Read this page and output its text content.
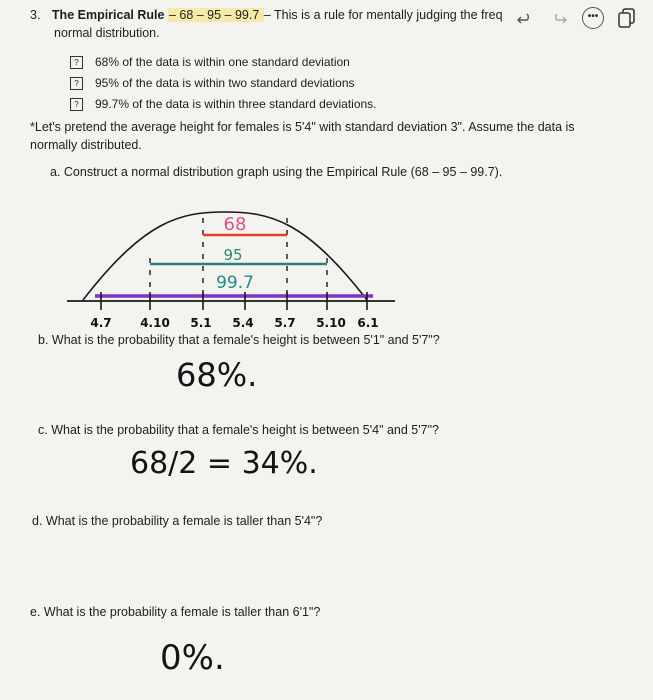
3. The Empirical Rule – 68 – 95 – 99.7 – This is a rule for mentally judging the freq
normal distribution.
•••
?	68% of the data is within one standard deviation
?	95% of the data is within two standard deviations
?	99.7% of the data is within three standard deviations.
*Let's pretend the average height for females is 5'4" with standard deviation 3". Assume the data is normally distributed.
a. Construct a normal distribution graph using the Empirical Rule (68 – 95 – 99.7).
68
95
99.7
4.7 4.10 5.1 5.4 5.7 5.10 6.1
b. What is the probability that a female's height is between 5'1" and 5'7"?
68%.
c. What is the probability that a female's height is between 5'4" and 5'7"?
68/2 = 34%.
d. What is the probability a female is taller than 5'4"?
e. What is the probability a female is taller than 6'1"?
0%.
